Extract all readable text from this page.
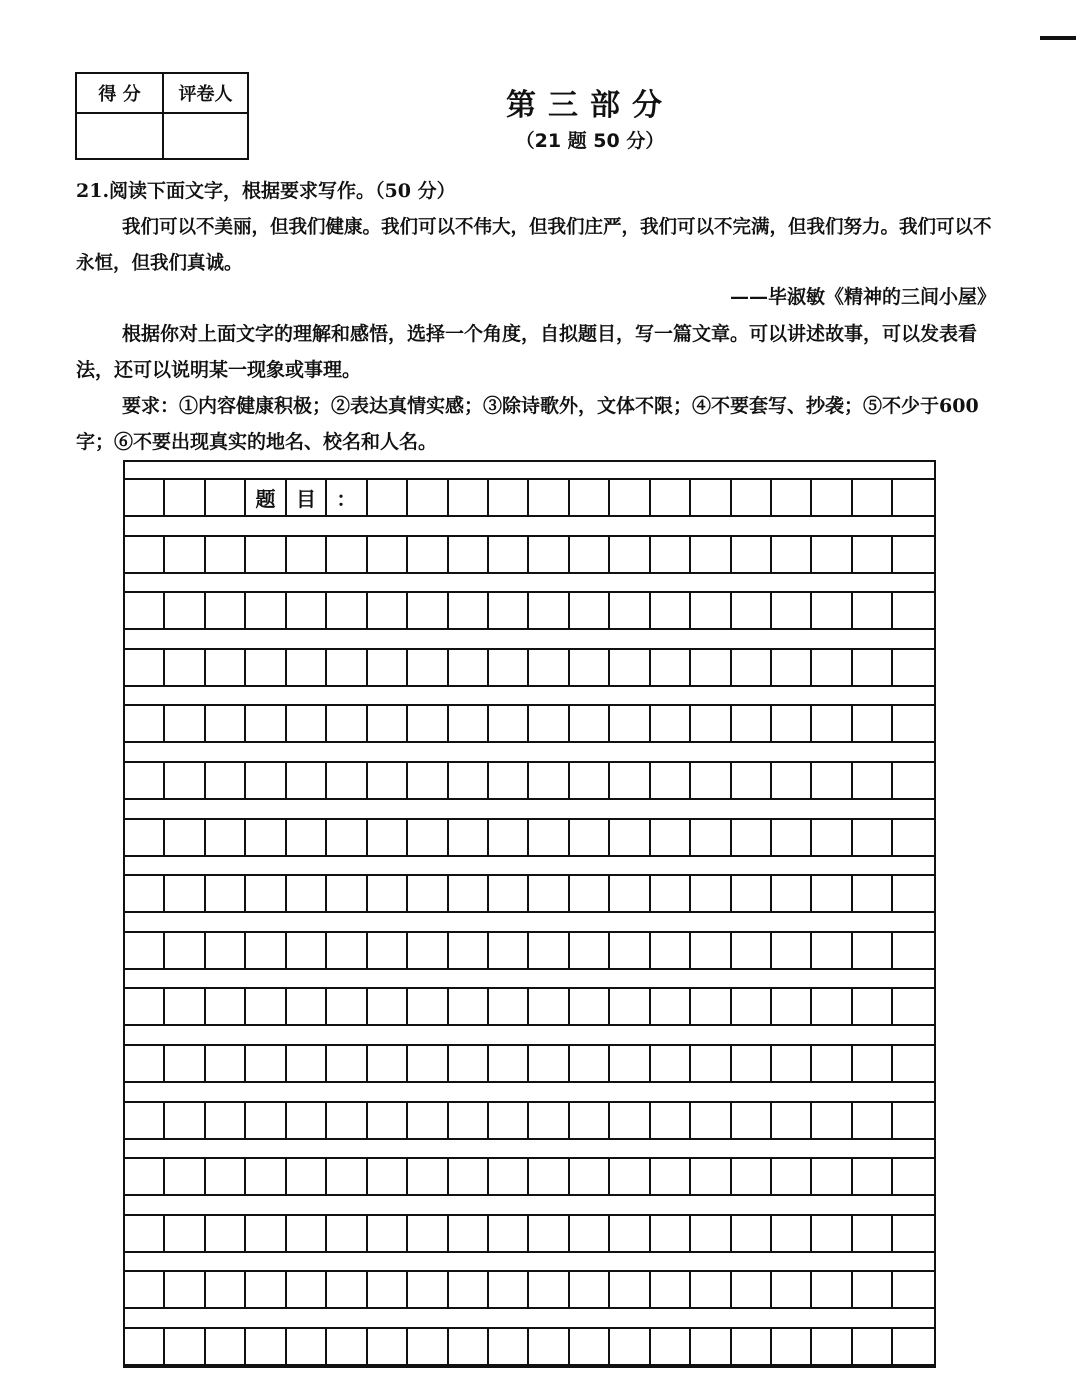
得 分	评卷人
		第三部分
（21 题 50 分）
21.阅读下面文字，根据要求写作。（50 分）
我们可以不美丽，但我们健康。我们可以不伟大，但我们庄严，我们可以不完满，但我们努力。我们可以不永恒，但我们真诚。
——毕淑敏《精神的三间小屋》
根据你对上面文字的理解和感悟，选择一个角度，自拟题目，写一篇文章。可以讲述故事，可以发表看法，还可以说明某一现象或事理。
要求：①内容健康积极；②表达真情实感；③除诗歌外，文体不限；④不要套写、抄袭；⑤不少于600 字；⑥不要出现真实的地名、校名和人名。
题	目	：
